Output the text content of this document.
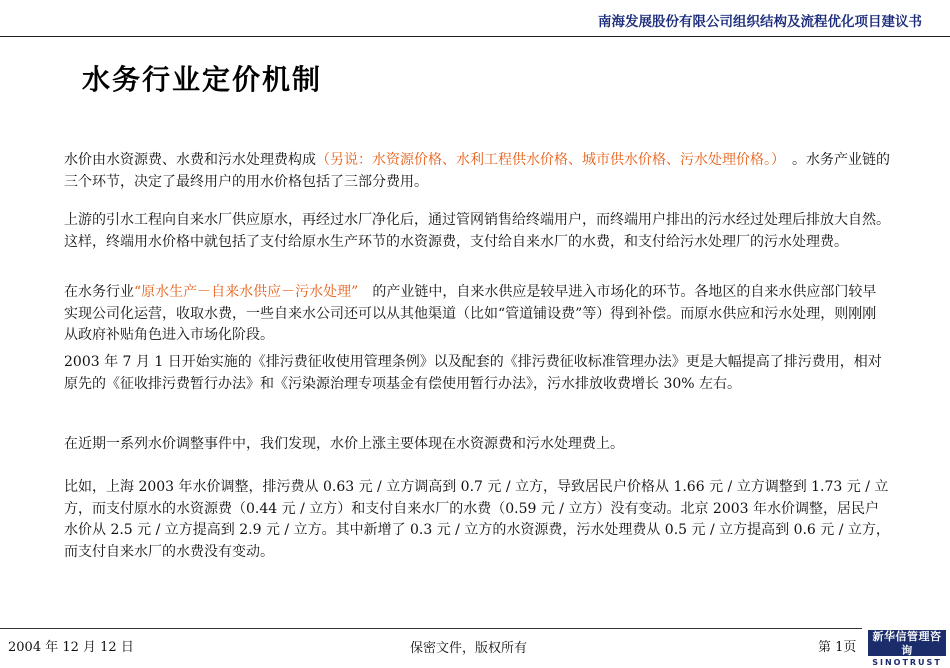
南海发展股份有限公司组织结构及流程优化项目建议书
水务行业定价机制

水价由水资源费、水费和污水处理费构成（另说：水资源价格、水利工程供水价格、城市供水价格、污水处理价格。）　。水务产业链的三个环节，决定了最终用户的用水价格包括了三部分费用。

上游的引水工程向自来水厂供应原水，再经过水厂净化后，通过管网销售给终端用户，而终端用户排出的污水经过处理后排放大自然。这样，终端用水价格中就包括了支付给原水生产环节的水资源费，支付给自来水厂的水费，和支付给污水处理厂的污水处理费。

在水务行业“原水生产－自来水供应－污水处理”　的产业链中，自来水供应是较早进入市场化的环节。各地区的自来水供应部门较早实现公司化运营，收取水费，一些自来水公司还可以从其他渠道（比如“管道铺设费”等）得到补偿。而原水供应和污水处理，则刚刚从政府补贴角色进入市场化阶段。

2003 年 7 月 1 日开始实施的《排污费征收使用管理条例》以及配套的《排污费征收标准管理办法》更是大幅提高了排污费用，相对原先的《征收排污费暂行办法》和《污染源治理专项基金有偿使用暂行办法》，污水排放收费增长 30% 左右。

在近期一系列水价调整事件中，我们发现，水价上涨主要体现在水资源费和污水处理费上。

比如，上海 2003 年水价调整，排污费从 0.63 元 / 立方调高到 0.7 元 / 立方，导致居民户价格从 1.66 元 / 立方调整到 1.73 元 / 立方，而支付原水的水资源费（0.44 元 / 立方）和支付自来水厂的水费（0.59 元 / 立方）没有变动。北京 2003 年水价调整，居民户水价从 2.5 元 / 立方提高到 2.9 元 / 立方。其中新增了 0.3 元 / 立方的水资源费，污水处理费从 0.5 元 / 立方提高到 0.6 元 / 立方，而支付自来水厂的水费没有变动。

2004 年 12 月 12 日	保密文件，版权所有	第 1页
新华信管理咨询
SINOTRUST
